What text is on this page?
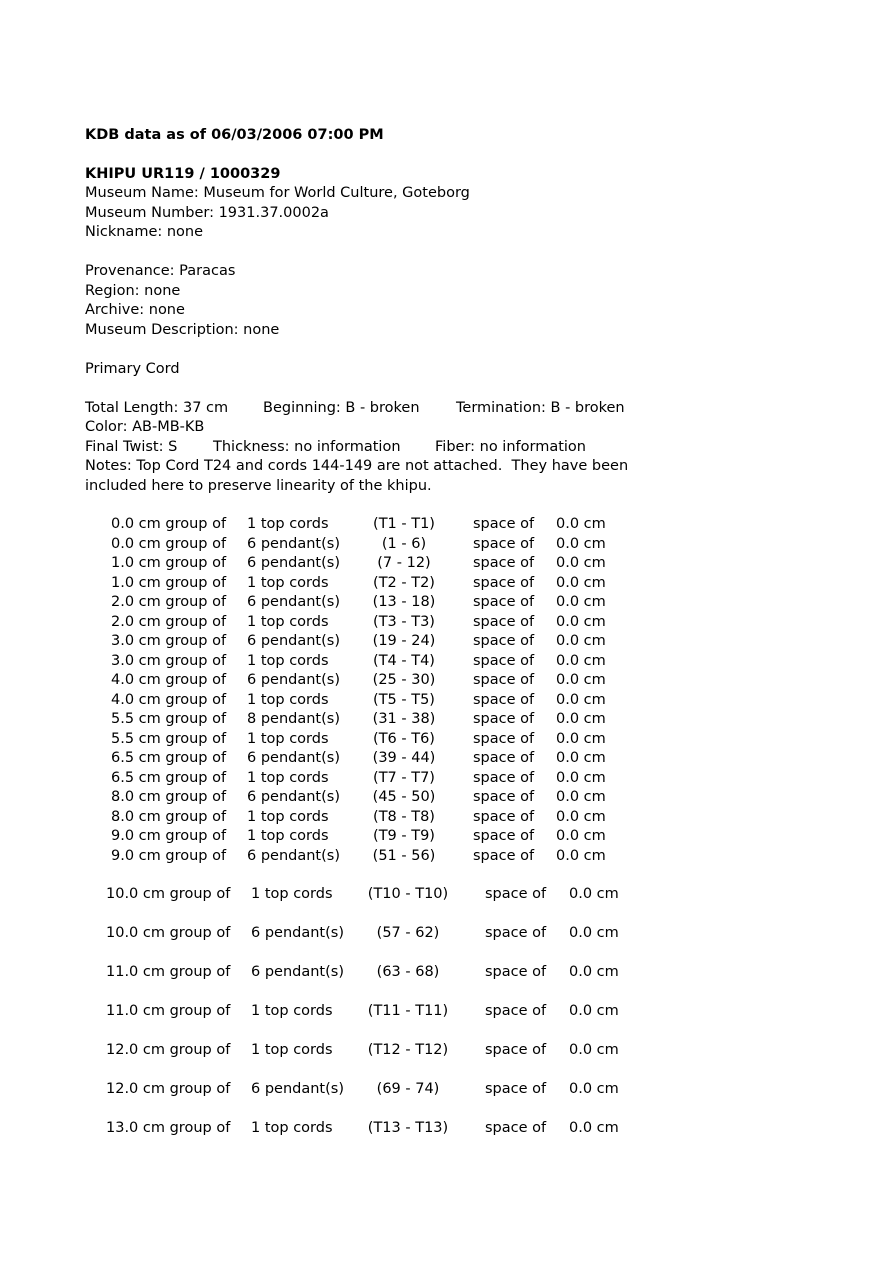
KDB data as of 06/03/2006 07:00 PM
KHIPU UR119 / 1000329
Museum Name: Museum for World Culture, Goteborg
Museum Number: 1931.37.0002a
Nickname: none
Provenance: Paracas
Region: none
Archive: none
Museum Description: none
Primary Cord
Total Length: 37 cm Beginning: B - broken	Termination: B - broken
Color: AB-MB-KB
Final Twist: S Thickness: no information Fiber: no information
Notes: Top Cord T24 and cords 144-149 are not attached.  They have been
included here to preserve linearity of the khipu.
0.0 cm group of 1 top cords	(T1 - T1)	space of 0.0 cm
0.0 cm group of 6 pendant(s)	(1 - 6)	space of 0.0 cm
1.0 cm group of 6 pendant(s)	(7 - 12)	space of 0.0 cm
1.0 cm group of 1 top cords	(T2 - T2)	space of 0.0 cm
2.0 cm group of 6 pendant(s)	(13 - 18)	space of 0.0 cm
2.0 cm group of 1 top cords	(T3 - T3)	space of 0.0 cm
3.0 cm group of 6 pendant(s)	(19 - 24)	space of 0.0 cm
3.0 cm group of 1 top cords	(T4 - T4)	space of 0.0 cm
4.0 cm group of 6 pendant(s)	(25 - 30)	space of 0.0 cm
4.0 cm group of 1 top cords	(T5 - T5)	space of 0.0 cm
5.5 cm group of 8 pendant(s)	(31 - 38)	space of 0.0 cm
5.5 cm group of 1 top cords	(T6 - T6)	space of 0.0 cm
6.5 cm group of 6 pendant(s)	(39 - 44)	space of 0.0 cm
6.5 cm group of 1 top cords	(T7 - T7)	space of 0.0 cm
8.0 cm group of 6 pendant(s)	(45 - 50)	space of 0.0 cm
8.0 cm group of 1 top cords	(T8 - T8)	space of 0.0 cm
9.0 cm group of 1 top cords	(T9 - T9)	space of 0.0 cm
9.0 cm group of 6 pendant(s)	(51 - 56)	space of 0.0 cm
10.0 cm group of 1 top cords	(T10 - T10)	space of 0.0 cm
10.0 cm group of 6 pendant(s)	(57 - 62)	space of 0.0 cm
11.0 cm group of 6 pendant(s)	(63 - 68)	space of 0.0 cm
11.0 cm group of 1 top cords	(T11 - T11)	space of 0.0 cm
12.0 cm group of 1 top cords	(T12 - T12)	space of 0.0 cm
12.0 cm group of 6 pendant(s)	(69 - 74)	space of 0.0 cm
13.0 cm group of 1 top cords	(T13 - T13)	space of 0.0 cm
